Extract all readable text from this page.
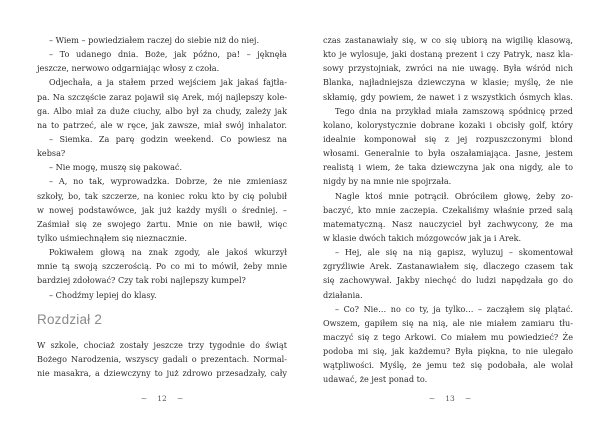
– Wiem – powiedziałem raczej do siebie niż do niej.
– To udanego dnia. Boże, jak późno, pa! – jęknęła
jeszcze, nerwowo odgarniając włosy z czoła.
Odjechała, a ja stałem przed wejściem jak jakaś fajtła-
pa. Na szczęście zaraz pojawił się Arek, mój najlepszy kole-
ga. Albo miał za duże ciuchy, albo był za chudy, zależy jak
na to patrzeć, ale w ręce, jak zawsze, miał swój inhalator.
– Siemka. Za parę godzin weekend. Co powiesz na
kebsa?
– Nie mogę, muszę się pakować.
– A, no tak, wyprowadzka. Dobrze, że nie zmieniasz
szkoły, bo, tak szczerze, na koniec roku kto by cię polubił
w nowej podstawówce, jak już każdy myśli o średniej. –
Zaśmiał się ze swojego żartu. Mnie on nie bawił, więc
tylko uśmiechnąłem się nieznacznie.
Pokiwałem głową na znak zgody, ale jakoś wkurzył
mnie tą swoją szczerością. Po co mi to mówił, żeby mnie
bardziej zdołować? Czy tak robi najlepszy kumpel?
– Chodźmy lepiej do klasy.
Rozdział 2
W szkole, chociaż zostały jeszcze trzy tygodnie do świąt
Bożego Narodzenia, wszyscy gadali o prezentach. Normal-
nie masakra, a dziewczyny to już zdrowo przesadzały, cały
czas zastanawiały się, w co się ubiorą na wigilię klasową,
kto je wylosuje, jaki dostaną prezent i czy Patryk, nasz kla-
sowy przystojniak, zwróci na nie uwagę. Była wśród nich
Blanka, najładniejsza dziewczyna w klasie; myślę, że nie
skłamię, gdy powiem, że nawet i z wszystkich ósmych klas.
Tego dnia na przykład miała zamszową spódnicę przed
kolano, kolorystycznie dobrane kozaki i obcisły golf, który
idealnie komponował się z jej rozpuszczonymi blond
włosami. Generalnie to była oszałamiająca. Jasne, jestem
realistą i wiem, że taka dziewczyna jak ona nigdy, ale to
nigdy by na mnie nie spojrzała.
Nagle ktoś mnie potrącił. Obróciłem głowę, żeby zo-
baczyć, kto mnie zaczepia. Czekaliśmy właśnie przed salą
matematyczną. Nasz nauczyciel był zachwycony, że ma
w klasie dwóch takich mózgowców jak ja i Arek.
– Hej, ale się na nią gapisz, wyluzuj – skomentował
zgryźliwie Arek. Zastanawiałem się, dlaczego czasem tak
się zachowywał. Jakby niechęć do ludzi napędzała go do
działania.
– Co? Nie… no co ty, ja tylko… – zacząłem się plątać.
Owszem, gapiłem się na nią, ale nie miałem zamiaru tłu-
maczyć się z tego Arkowi. Co miałem mu powiedzieć? Że
podoba mi się, jak każdemu? Była piękna, to nie ulegało
wątpliwości. Myślę, że jemu też się podobała, ale wolał
udawać, że jest ponad to.
~ 12 ~	~ 13 ~
